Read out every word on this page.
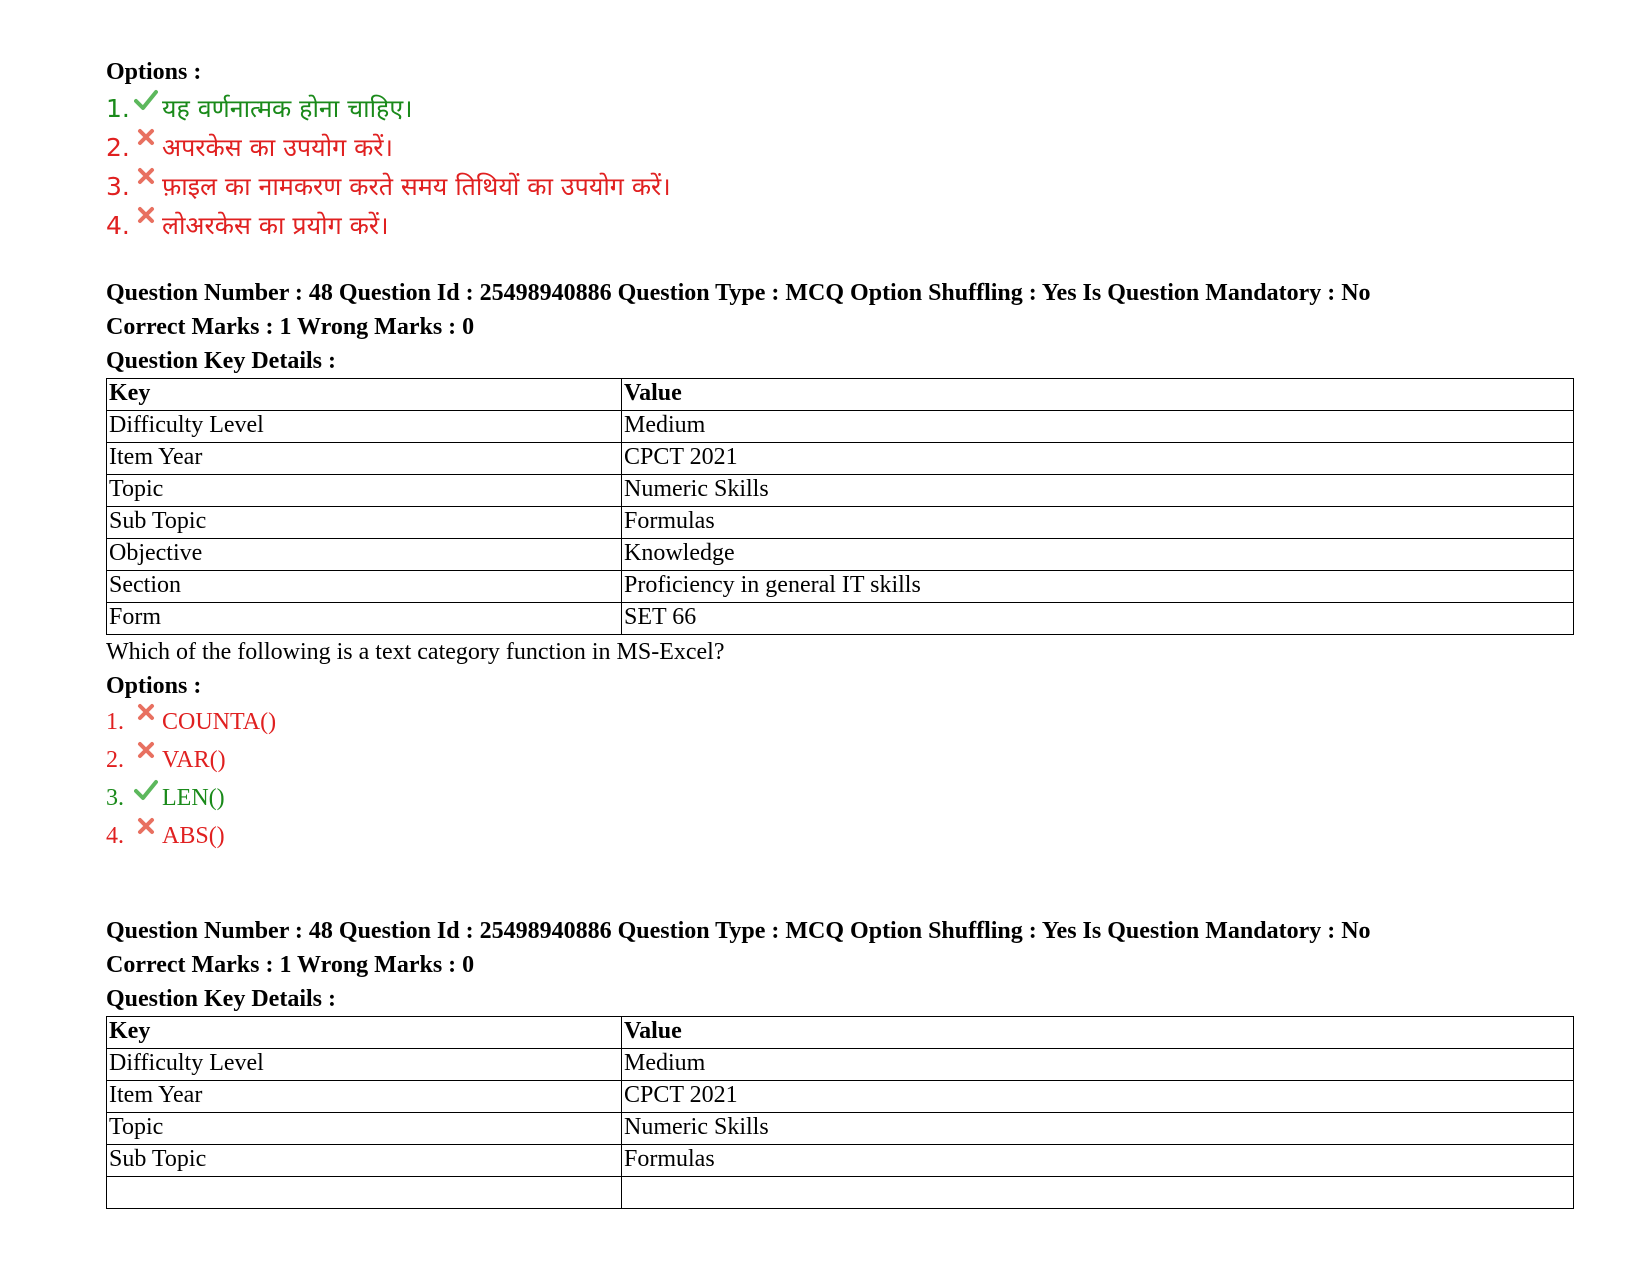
Options :

1. यह वर्णनात्मक होना चाहिए।
2. अपरकेस का उपयोग करें।
3. फ़ाइल का नामकरण करते समय तिथियों का उपयोग करें।
4. लोअरकेस का प्रयोग करें।

Question Number : 48 Question Id : 25498940886 Question Type : MCQ Option Shuffling : Yes Is Question Mandatory : No

Correct Marks : 1 Wrong Marks : 0

Question Key Details :

Key	Value
Difficulty Level	Medium
Item Year	CPCT 2021
Topic	Numeric Skills
Sub Topic	Formulas
Objective	Knowledge
Section	Proficiency in general IT skills
Form	SET 66

Which of the following is a text category function in MS-Excel?

Options :

1. COUNTA()
2. VAR()
3. LEN()
4. ABS()

Question Number : 48 Question Id : 25498940886 Question Type : MCQ Option Shuffling : Yes Is Question Mandatory : No

Correct Marks : 1 Wrong Marks : 0

Question Key Details :

Key	Value
Difficulty Level	Medium
Item Year	CPCT 2021
Topic	Numeric Skills
Sub Topic	Formulas
